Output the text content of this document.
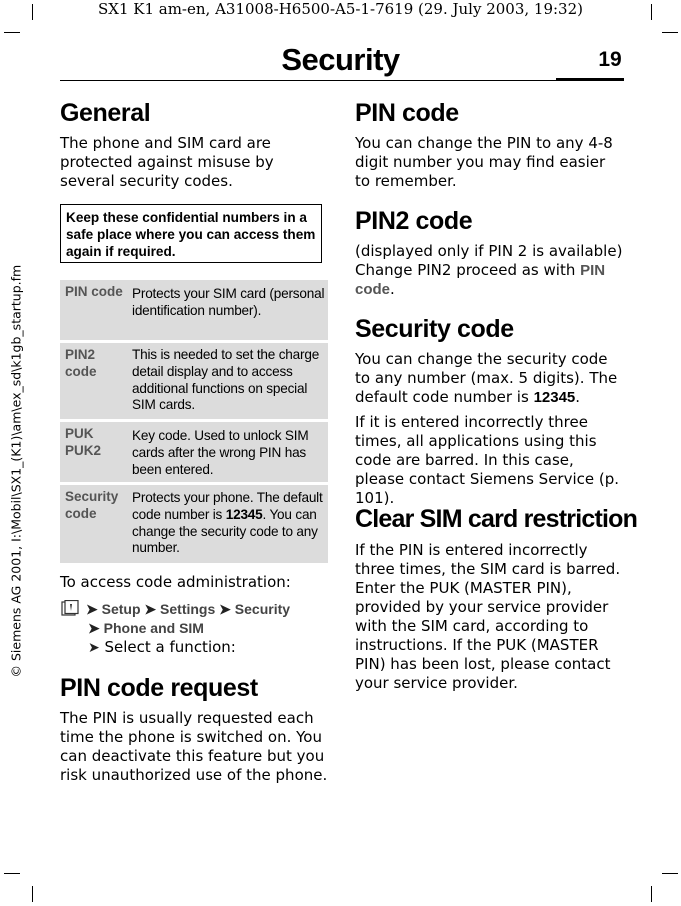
SX1 K1 am-en, A31008-H6500-A5-1-7619 (29. July 2003, 19:32)
© Siemens AG 2001, I:\Mobil\SX1_(K1)\am\ex_sd\k1gb_startup.fm
Security	19
General

The phone and SIM card are protected against misuse by several security codes.

Keep these confidential numbers in a safe place where you can access them again if required.
PIN code Protects your SIM card (personal identification number).
PIN2 code
This is needed to set the charge detail display and to access additional functions on special SIM cards.
PUK PUK2
Key code. Used to unlock SIM cards after the wrong PIN has been entered.
Security code
Protects your phone. The default code number is 12345. You can change the security code to any number.

To access code administration:

➤ Setup ➤ Settings ➤ Security
➤ Phone and SIM
➤ Select a function:
PIN code request

The PIN is usually requested each time the phone is switched on. You can deactivate this feature but you risk unauthorized use of the phone.

PIN code

You can change the PIN to any 4-8 digit number you may find easier to remember.

PIN2 code

(displayed only if PIN 2 is available) Change PIN2 proceed as with PIN code.

Security code

You can change the security code to any number (max. 5 digits). The default code number is 12345.

If it is entered incorrectly three times, all applications using this code are barred. In this case, please contact Siemens Service (p. 101).

Clear SIM card restriction

If the PIN is entered incorrectly three times, the SIM card is barred. Enter the PUK (MASTER PIN), provided by your service provider with the SIM card, according to instructions. If the PUK (MASTER PIN) has been lost, please contact your service provider.
